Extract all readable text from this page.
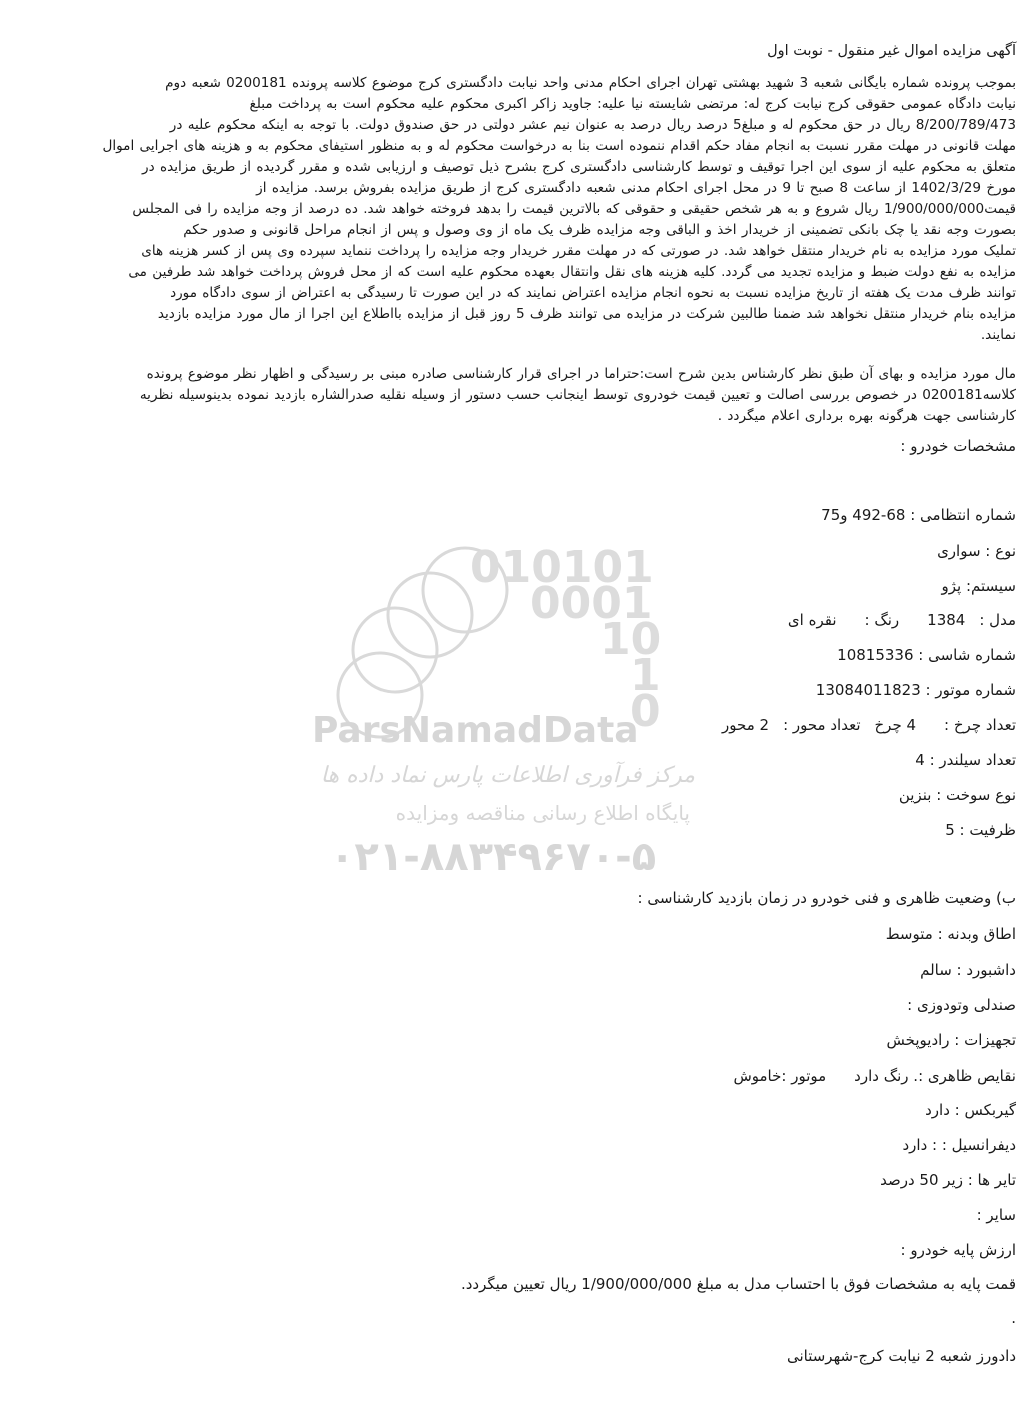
010101
0001
10
1
0
ParsNamadData
مرکز فرآوری اطلاعات پارس نماد داده ها
پایگاه اطلاع رسانی مناقصه ومزایده
۰۲۱-۸۸۳۴۹۶۷۰-۵
آگهی مزایده اموال غیر منقول - نوبت اول
بموجب پرونده شماره بایگانی شعبه 3 شهید بهشتی تهران اجرای احکام مدنی واحد نیابت دادگستری کرج موضوع کلاسه پرونده 0200181 شعبه دوم
نیابت دادگاه عمومی حقوقی کرج نیابت کرج له: مرتضی شایسته نیا علیه: جاوید زاکر اکبری محکوم علیه محکوم است به پرداخت مبلغ
8/200/789/473 ریال در حق محکوم له و مبلغ5 درصد ریال درصد به عنوان نیم عشر دولتی در حق صندوق دولت. با توجه به اینکه محکوم علیه در
مهلت قانونی در مهلت مقرر نسبت به انجام مفاد حکم اقدام ننموده است بنا به درخواست محکوم له و به منظور استیفای محکوم به و هزینه های اجرایی اموال
متعلق به محکوم علیه از سوی این اجرا توقیف و توسط کارشناسی دادگستری کرج بشرح ذیل توصیف و ارزیابی شده و مقرر گردیده از طریق مزایده در
مورخ 1402/3/29 از ساعت 8 صبح تا 9 در محل اجرای احکام مدنی شعبه دادگستری کرج از طریق مزایده بفروش برسد. مزایده از
قیمت1/900/000/000 ریال شروع و به هر شخص حقیقی و حقوقی که بالاترین قیمت را بدهد فروخته خواهد شد. ده درصد از وجه مزایده را فی المجلس
بصورت وجه نقد یا چک بانکی تضمینی از خریدار اخذ و الباقی وجه مزایده ظرف یک ماه از وی وصول و پس از انجام مراحل قانونی و صدور حکم
تملیک مورد مزایده به نام خریدار منتقل خواهد شد. در صورتی که در مهلت مقرر خریدار وجه مزایده را پرداخت ننماید سپرده وی پس از کسر هزینه های
مزایده به نفع دولت ضبط و مزایده تجدید می گردد. کلیه هزینه های نقل وانتقال بعهده محکوم علیه است که از محل فروش پرداخت خواهد شد طرفین می
توانند ظرف مدت یک هفته از تاریخ مزایده نسبت به نحوه انجام مزایده اعتراض نمایند که در این صورت تا رسیدگی به اعتراض از سوی دادگاه مورد
مزایده بنام خریدار منتقل نخواهد شد ضمنا طالبین شرکت در مزایده می توانند ظرف 5 روز قبل از مزایده بااطلاع این اجرا از مال مورد مزایده بازدید
نمایند.
مال مورد مزایده و بهای آن طبق نظر کارشناس بدین شرح است:حتراما در اجرای قرار کارشناسی صادره مبنی بر رسیدگی و اظهار نظر موضوع پرونده
کلاسه0200181 در خصوص بررسی اصالت و تعیین قیمت خودروی توسط اینجانب حسب دستور از وسیله نقلیه صدرالشاره بازدید نموده بدینوسیله نظریه
کارشناسی جهت هرگونه بهره برداری اعلام میگردد .
مشخصات خودرو :
شماره انتظامی : 68-492 و75
نوع : سواری
سیستم: پژو
مدل :1384رنگ :نقره ای
شماره شاسی : 10815336
شماره موتور : 13084011823
تعداد چرخ :4 چرختعداد محور :2 محور
تعداد سیلندر : 4
نوع سوخت : بنزین
ظرفیت : 5
ب) وضعیت ظاهری و فنی خودرو در زمان بازدید کارشناسی :
اطاق وبدنه : متوسط
داشبورد : سالم
صندلی وتودوزی :
تجهیزات : رادیوپخش
نقایص ظاهری :. رنگ داردموتور :خاموش
گیربکس : دارد
دیفرانسیل : : دارد
تایر ها : زیر 50 درصد
سایر :
ارزش پایه خودرو :
قمت پایه به مشخصات فوق با احتساب مدل به مبلغ 1/900/000/000 ریال تعیین میگردد.
.
دادورز شعبه 2 نیابت کرج-شهرستانی
